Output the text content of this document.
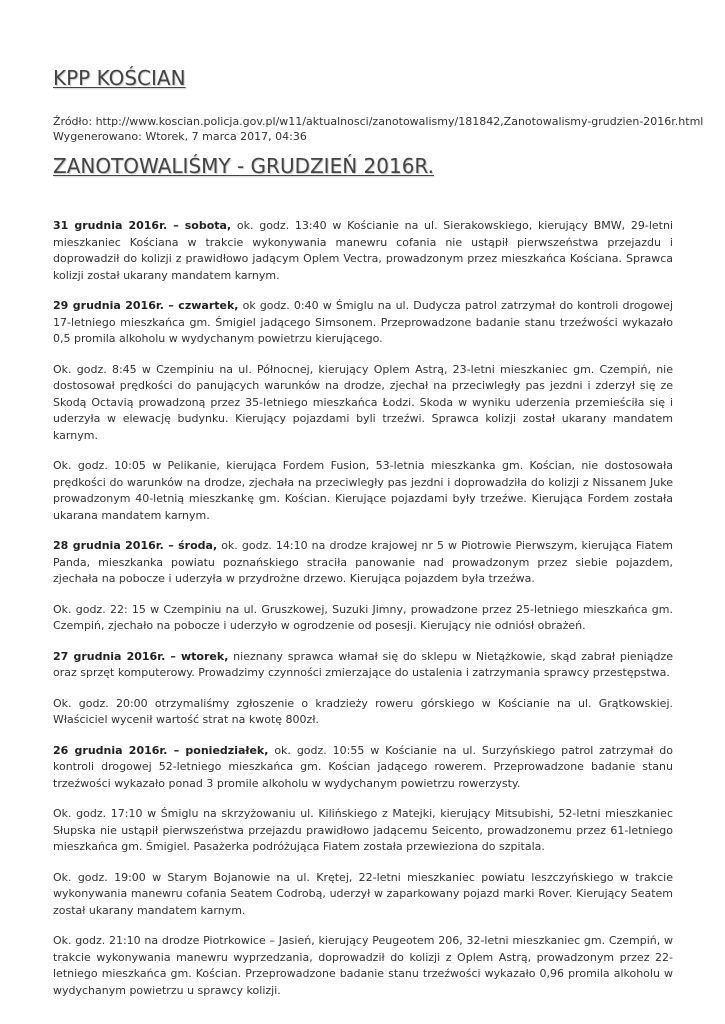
KPP KOŚCIAN
Źródło: http://www.koscian.policja.gov.pl/w11/aktualnosci/zanotowalismy/181842,Zanotowalismy-grudzien-2016r.html
Wygenerowano: Wtorek, 7 marca 2017, 04:36
ZANOTOWALIŚMY - GRUDZIEŃ 2016R.

31 grudnia 2016r. – sobota, ok. godz. 13:40 w Kościanie na ul. Sierakowskiego, kierujący BMW, 29-letni mieszkaniec Kościana w trakcie wykonywania manewru cofania nie ustąpił pierwszeństwa przejazdu i doprowadził do kolizji z prawidłowo jadącym Oplem Vectra, prowadzonym przez mieszkańca Kościana. Sprawca kolizji został ukarany mandatem karnym.

29 grudnia 2016r. – czwartek, ok godz. 0:40 w Śmiglu na ul. Dudycza patrol zatrzymał do kontroli drogowej 17-letniego mieszkańca gm. Śmigiel jadącego Simsonem. Przeprowadzone badanie stanu trzeźwości wykazało 0,5 promila alkoholu w wydychanym powietrzu kierującego.

Ok. godz. 8:45 w Czempiniu na ul. Północnej, kierujący Oplem Astrą, 23-letni mieszkaniec gm. Czempiń, nie dostosował prędkości do panujących warunków na drodze, zjechał na przeciwległy pas jezdni i zderzył się ze Skodą Octavią prowadzoną przez 35-letniego mieszkańca Łodzi. Skoda w wyniku uderzenia przemieściła się i uderzyła w elewację budynku. Kierujący pojazdami byli trzeźwi. Sprawca kolizji został ukarany mandatem karnym.

Ok. godz. 10:05 w Pelikanie, kierująca Fordem Fusion, 53-letnia mieszkanka gm. Kościan, nie dostosowała prędkości do warunków na drodze, zjechała na przeciwległy pas jezdni i doprowadziła do kolizji z Nissanem Juke prowadzonym 40-letnią mieszkankę gm. Kościan. Kierujące pojazdami były trzeźwe. Kierująca Fordem została ukarana mandatem karnym.

28 grudnia 2016r. – środa, ok. godz. 14:10 na drodze krajowej nr 5 w Piotrowie Pierwszym, kierująca Fiatem Panda, mieszkanka powiatu poznańskiego straciła panowanie nad prowadzonym przez siebie pojazdem, zjechała na pobocze i uderzyła w przydrożne drzewo. Kierująca pojazdem była trzeźwa.

Ok. godz. 22: 15 w Czempiniu na ul. Gruszkowej, Suzuki Jimny, prowadzone przez 25-letniego mieszkańca gm. Czempiń, zjechało na pobocze i uderzyło w ogrodzenie od posesji. Kierujący nie odniósł obrażeń.

27 grudnia 2016r. – wtorek, nieznany sprawca włamał się do sklepu w Nietążkowie, skąd zabrał pieniądze oraz sprzęt komputerowy. Prowadzimy czynności zmierzające do ustalenia i zatrzymania sprawcy przestępstwa.

Ok. godz. 20:00 otrzymaliśmy zgłoszenie o kradzieży roweru górskiego w Kościanie na ul. Grątkowskiej. Właściciel wycenił wartość strat na kwotę 800zł.

26 grudnia 2016r. – poniedziałek, ok. godz. 10:55 w Kościanie na ul. Surzyńskiego patrol zatrzymał do kontroli drogowej 52-letniego mieszkańca gm. Kościan jadącego rowerem. Przeprowadzone badanie stanu trzeźwości wykazało ponad 3 promile alkoholu w wydychanym powietrzu rowerzysty.

Ok. godz. 17:10 w Śmiglu na skrzyżowaniu ul. Kilińskiego z Matejki, kierujący Mitsubishi, 52-letni mieszkaniec Słupska nie ustąpił pierwszeństwa przejazdu prawidłowo jadącemu Seicento, prowadzonemu przez 61-letniego mieszkańca gm. Śmigiel. Pasażerka podróżująca Fiatem została przewieziona do szpitala.

Ok. godz. 19:00 w Starym Bojanowie na ul. Krętej, 22-letni mieszkaniec powiatu leszczyńskiego w trakcie wykonywania manewru cofania Seatem Codrobą, uderzył w zaparkowany pojazd marki Rover. Kierujący Seatem został ukarany mandatem karnym.

Ok. godz. 21:10 na drodze Piotrkowice – Jasień, kierujący Peugeotem 206, 32-letni mieszkaniec gm. Czempiń, w trakcie wykonywania manewru wyprzedzania, doprowadził do kolizji z Oplem Astrą, prowadzonym przez 22-letniego mieszkańca gm. Kościan. Przeprowadzone badanie stanu trzeźwości wykazało 0,96 promila alkoholu w wydychanym powietrzu u sprawcy kolizji.
